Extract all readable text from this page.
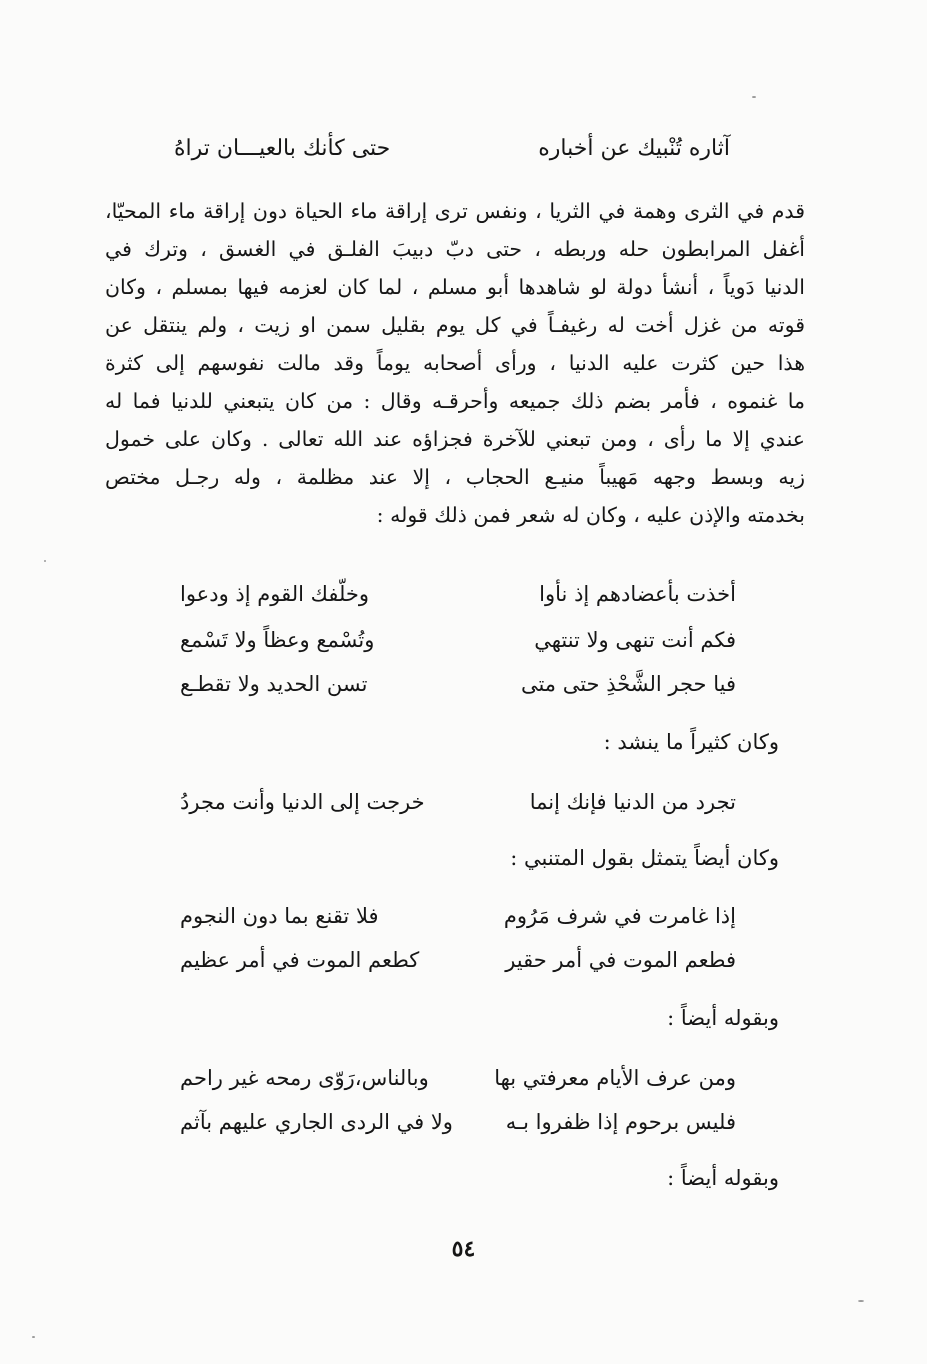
آثاره تُنْبيك عن أخباره
حتى كأنك بالعيـــان تراهُ
قدم في الثرى وهمة في الثريا ، ونفس ترى إراقة ماء الحياة دون إراقة ماء المحيّا،
أغفل المرابطون حله وربطه ، حتى دبّ دبيبَ الفلـق في الغسق ، وترك في
الدنيا دَوياً ، أنشأ دولة لو شاهدها أبو مسلم ، لما كان لعزمه فيها بمسلم ، وكان
قوته من غزل أخت له رغيفـاً في كل يوم بقليل سمن او زيت ، ولم ينتقل عن
هذا حين كثرت عليه الدنيا ، ورأى أصحابه يوماً وقد مالت نفوسهم إلى كثرة
ما غنموه ، فأمر بضم ذلك جميعه وأحرقـه وقال : من كان يتبعني للدنيا فما له
عندي إلا ما رأى ، ومن تبعني للآخرة فجزاؤه عند الله تعالى . وكان على خمول
زيه وبسط وجهه مَهيباً منيـع الحجاب ، إلا عند مظلمة ، وله رجـل مختص
بخدمته والإذن عليه ، وكان له شعر فمن ذلك قوله :
أخذت بأعضادهم إذ نأوا
وخلّفك القوم إذ ودعوا
فكم أنت تنهى ولا تنتهي
وتُسْمع وعظاً ولا تَسْمع
فيا حجر الشَّحْذِ حتى متى
تسن الحديد ولا تقطـع
وكان كثيراً ما ينشد :
تجرد من الدنيا فإنك إنما
خرجت إلى الدنيا وأنت مجردُ
وكان أيضاً يتمثل بقول المتنبي :
إذا غامرت في شرف مَرُوم
فلا تقنع بما دون النجوم
فطعم الموت في أمر حقير
كطعم الموت في أمر عظيم
وبقوله أيضاً :
ومن عرف الأيام معرفتي بها
وبالناس،رَوّى رمحه غير راحم
فليس برحوم إذا ظفروا بـه
ولا في الردى الجاري عليهم بآثم
وبقوله أيضاً :
٥٤
